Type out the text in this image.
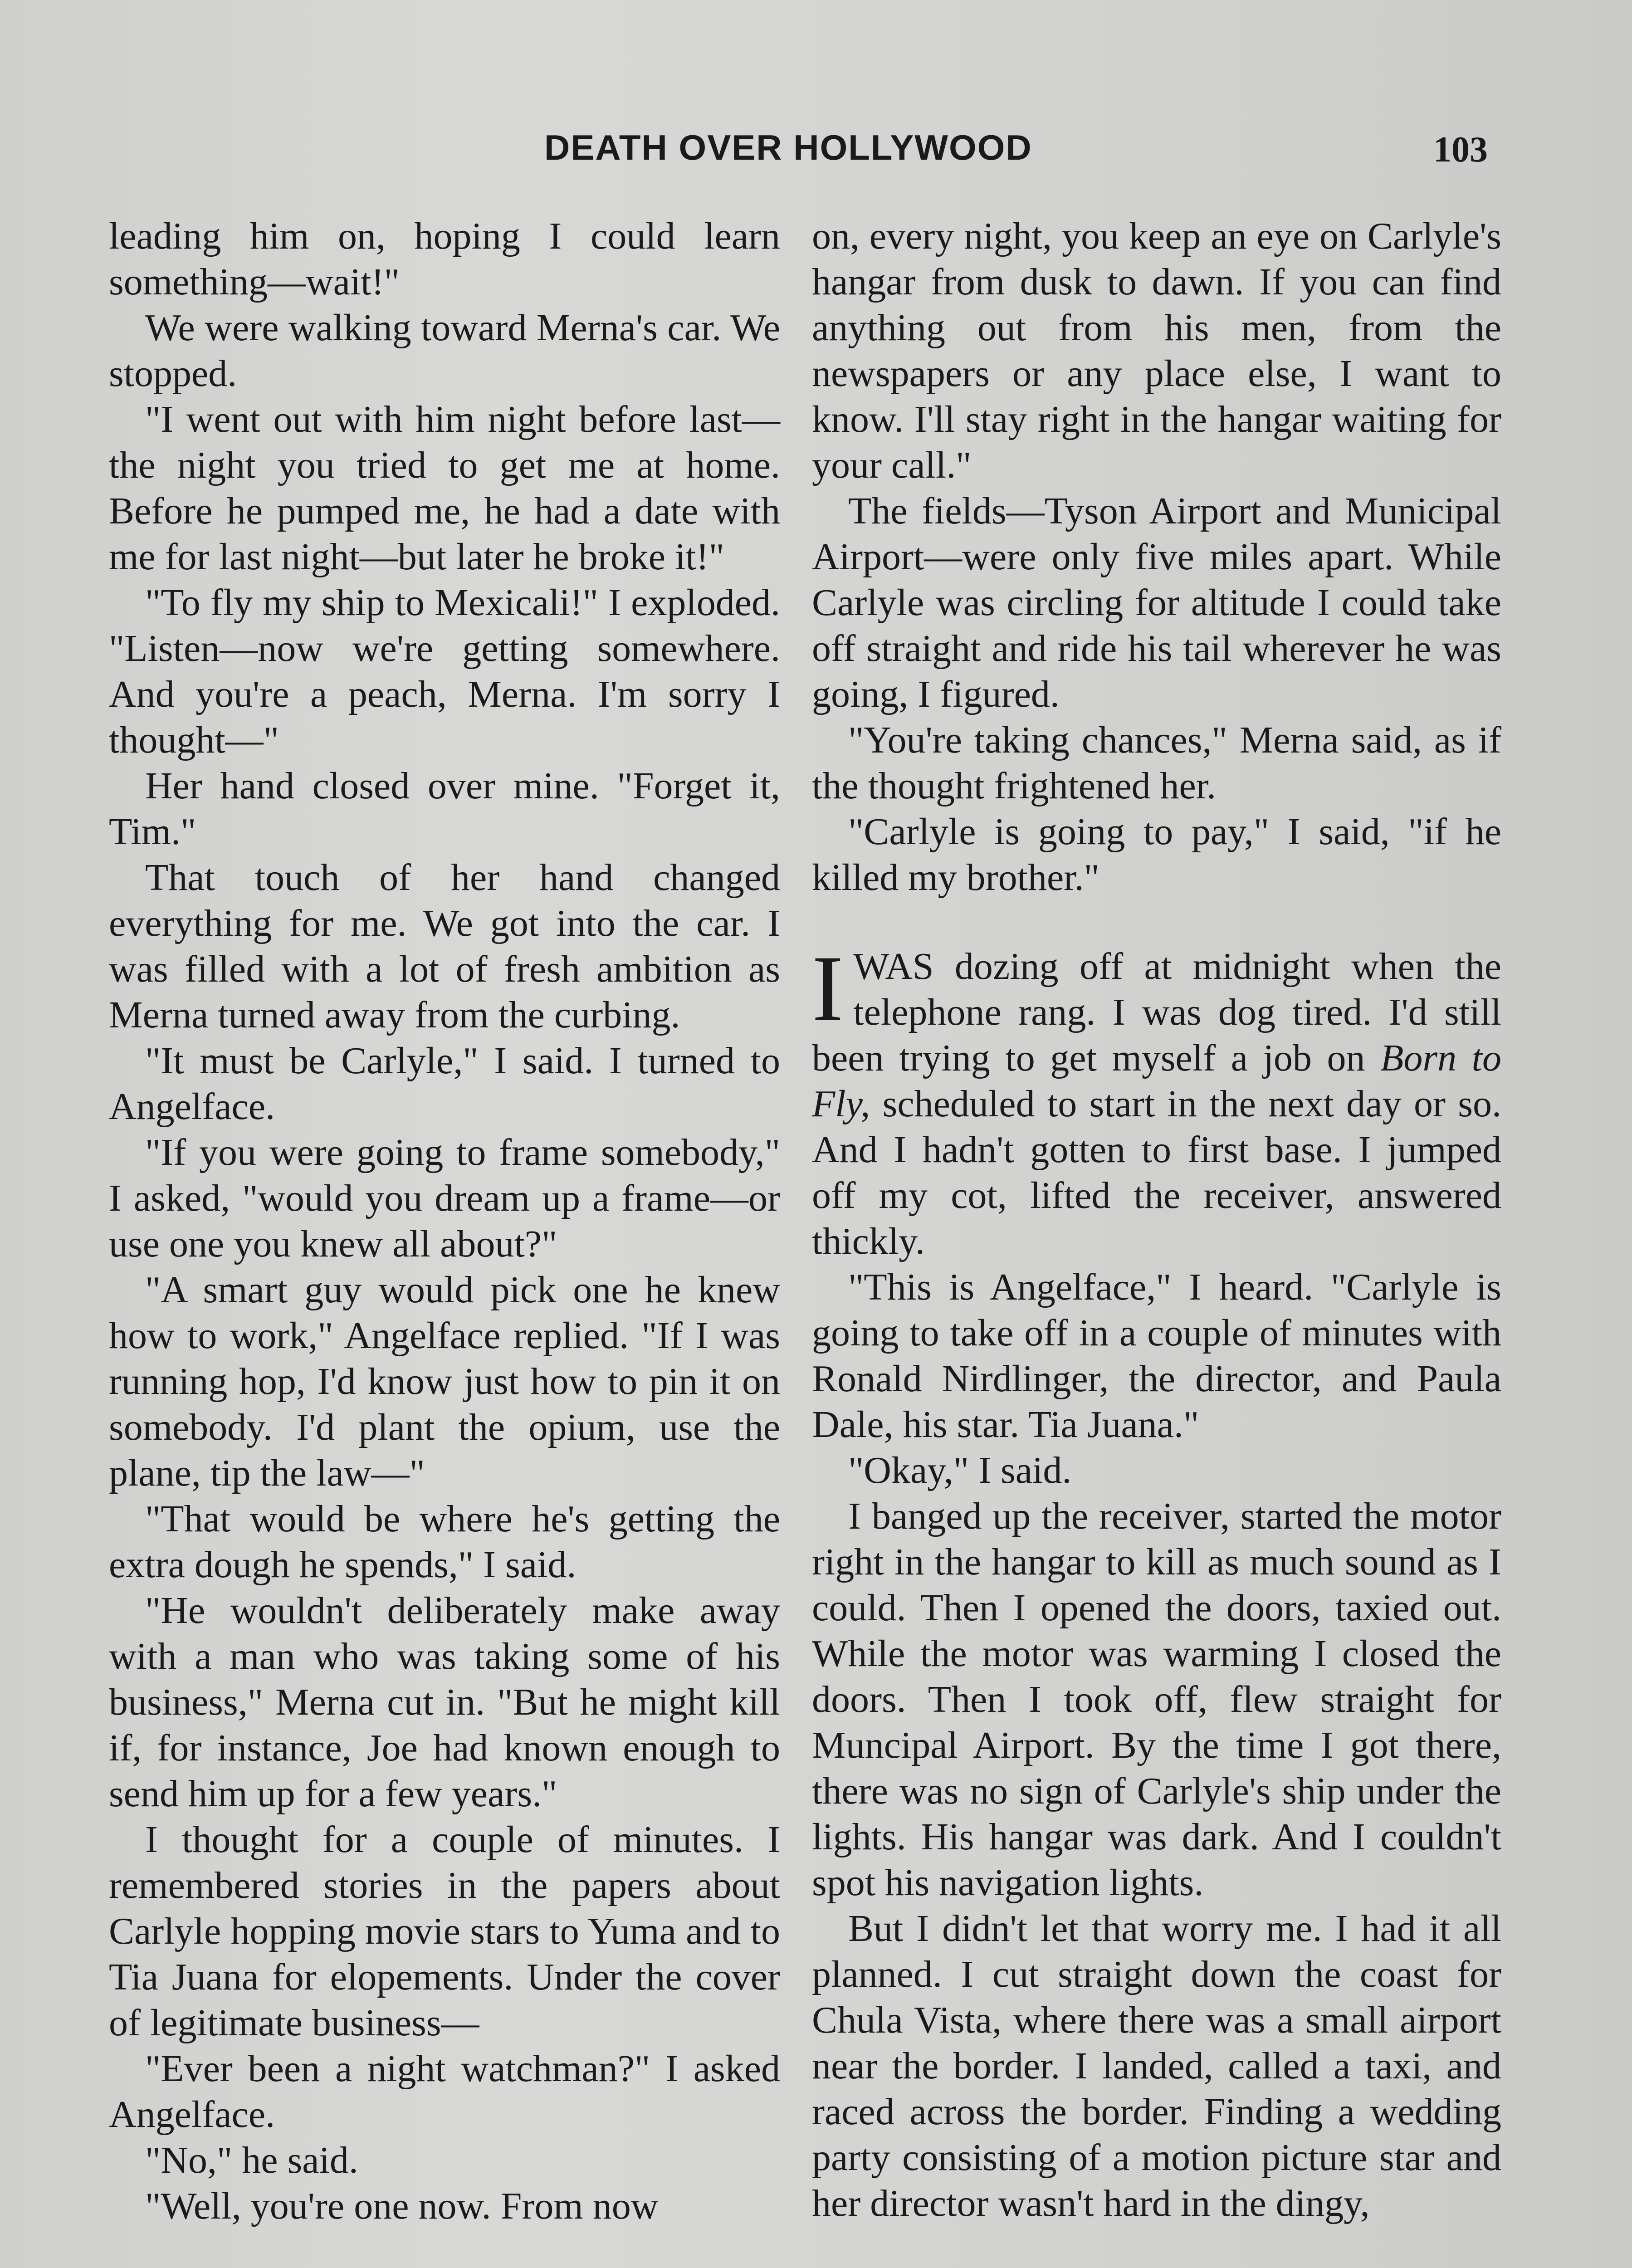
DEATH OVER HOLLYWOOD	103

leading him on, hoping I could learn something—wait!"

We were walking toward Merna's car. We stopped.

"I went out with him night before last—the night you tried to get me at home. Before he pumped me, he had a date with me for last night—but later he broke it!"

"To fly my ship to Mexicali!" I exploded. "Listen—now we're getting somewhere. And you're a peach, Merna. I'm sorry I thought—"

Her hand closed over mine. "Forget it, Tim."

That touch of her hand changed everything for me. We got into the car. I was filled with a lot of fresh ambition as Merna turned away from the curbing.

"It must be Carlyle," I said. I turned to Angelface.

"If you were going to frame somebody," I asked, "would you dream up a frame—or use one you knew all about?"

"A smart guy would pick one he knew how to work," Angelface replied. "If I was running hop, I'd know just how to pin it on somebody. I'd plant the opium, use the plane, tip the law—"

"That would be where he's getting the extra dough he spends," I said.

"He wouldn't deliberately make away with a man who was taking some of his business," Merna cut in. "But he might kill if, for instance, Joe had known enough to send him up for a few years."

I thought for a couple of minutes. I remembered stories in the papers about Carlyle hopping movie stars to Yuma and to Tia Juana for elopements. Under the cover of legitimate business—

"Ever been a night watchman?" I asked Angelface.

"No," he said.

"Well, you're one now. From now

on, every night, you keep an eye on Carlyle's hangar from dusk to dawn. If you can find anything out from his men, from the newspapers or any place else, I want to know. I'll stay right in the hangar waiting for your call."

The fields—Tyson Airport and Municipal Airport—were only five miles apart. While Carlyle was circling for altitude I could take off straight and ride his tail wherever he was going, I figured.

"You're taking chances," Merna said, as if the thought frightened her.

"Carlyle is going to pay," I said, "if he killed my brother."

IWAS dozing off at midnight when the telephone rang. I was dog tired. I'd still been trying to get myself a job on Born to Fly, scheduled to start in the next day or so. And I hadn't gotten to first base. I jumped off my cot, lifted the receiver, answered thickly.

"This is Angelface," I heard. "Carlyle is going to take off in a couple of minutes with Ronald Nirdlinger, the director, and Paula Dale, his star. Tia Juana."

"Okay," I said.

I banged up the receiver, started the motor right in the hangar to kill as much sound as I could. Then I opened the doors, taxied out. While the motor was warming I closed the doors. Then I took off, flew straight for Muncipal Airport. By the time I got there, there was no sign of Carlyle's ship under the lights. His hangar was dark. And I couldn't spot his navigation lights.

But I didn't let that worry me. I had it all planned. I cut straight down the coast for Chula Vista, where there was a small airport near the border. I landed, called a taxi, and raced across the border. Finding a wedding party consisting of a motion picture star and her director wasn't hard in the dingy,
